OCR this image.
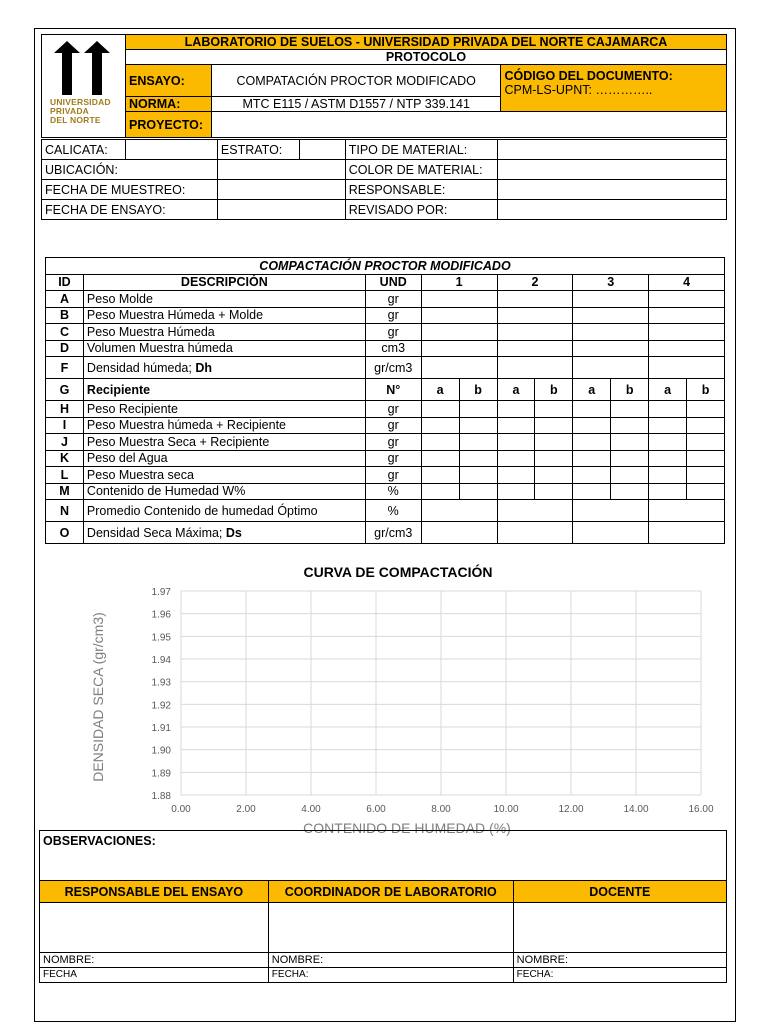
UNIVERSIDAD
PRIVADA
DEL NORTE	LABORATORIO DE SUELOS - UNIVERSIDAD PRIVADA DEL NORTE CAJAMARCA		
	PROTOCOLO		
	ENSAYO:	COMPATACIÓN PROCTOR MODIFICADO	CÓDIGO DEL DOCUMENTO:
CPM-LS-UPNT: …………..

	NORMA:	MTC E115 / ASTM D1557 / NTP 339.141	
	PROYECTO:		
CALICATA:		ESTRATO:		TIPO DE MATERIAL:	
UBICACIÓN:				COLOR DE MATERIAL:	
FECHA DE MUESTREO:				RESPONSABLE:	
FECHA DE ENSAYO:				REVISADO POR:	
COMPACTACIÓN PROCTOR MODIFICADO										
ID	DESCRIPCIÓN	UND	1		2		3		4	
A	Peso Molde	gr								
B	Peso Muestra Húmeda + Molde	gr								
C	Peso Muestra Húmeda	gr								
D	Volumen Muestra húmeda	cm3								
F	Densidad húmeda; Dh	gr/cm3								
G	Recipiente	N°	a	b	a	b	a	b	a	b
H	Peso Recipiente	gr								
I	Peso Muestra húmeda + Recipiente	gr								
J	Peso Muestra Seca + Recipiente	gr								
K	Peso del Agua	gr								
L	Peso Muestra seca	gr								
M	Contenido de Humedad W%	%								
N	Promedio Contenido de humedad Óptimo	%								
O	Densidad Seca Máxima; Ds	gr/cm3								
CURVA DE COMPACTACIÓN
1.88
1.89
1.90
1.91
1.92
1.93
1.94
1.95
1.96
1.97
0.00	2.00	4.00	6.00	8.00	10.00	12.00	14.00	16.00
CONTENIDO DE HUMEDAD (%)
DENSIDAD SECA (gr/cm3)
OBSERVACIONES:		
RESPONSABLE DEL ENSAYO	COORDINADOR DE LABORATORIO	DOCENTE

NOMBRE:	NOMBRE:	NOMBRE:
FECHA	FECHA:	FECHA:
